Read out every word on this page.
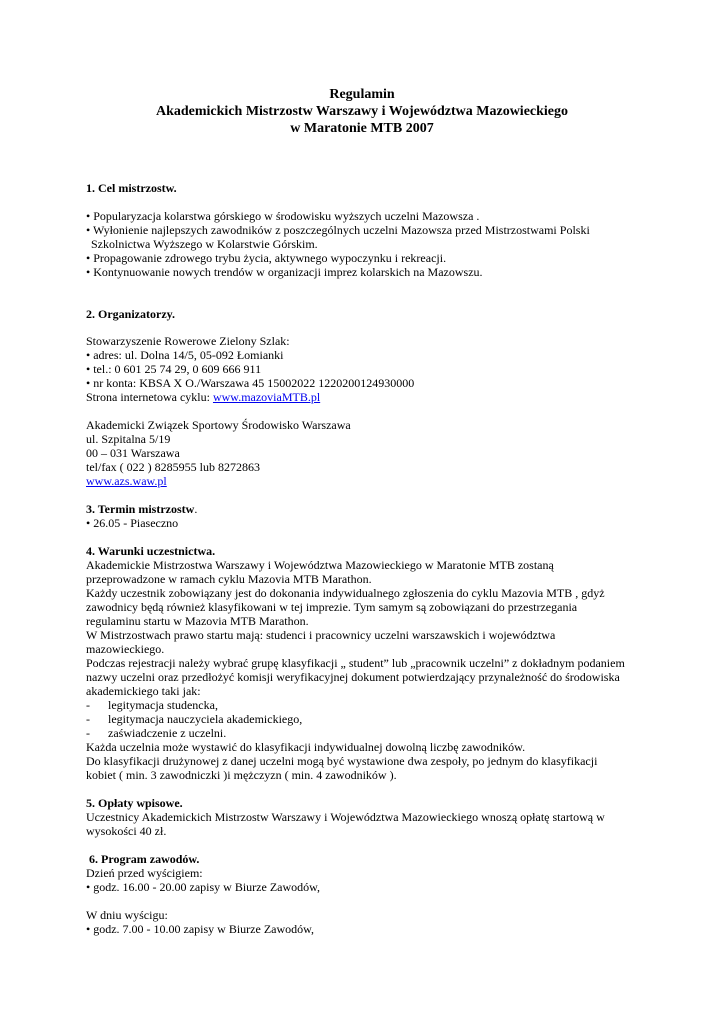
Regulamin
Akademickich Mistrzostw Warszawy i Województwa Mazowieckiego
w Maratonie MTB 2007
1. Cel mistrzostw.
• Popularyzacja kolarstwa górskiego w środowisku wyższych uczelni Mazowsza .
• Wyłonienie najlepszych zawodników z poszczególnych uczelni Mazowsza przed Mistrzostwami Polski
Szkolnictwa Wyższego w Kolarstwie Górskim.
• Propagowanie zdrowego trybu życia, aktywnego wypoczynku i rekreacji.
• Kontynuowanie nowych trendów w organizacji imprez kolarskich na Mazowszu.
2. Organizatorzy.
Stowarzyszenie Rowerowe Zielony Szlak:
• adres: ul. Dolna 14/5, 05-092 Łomianki
• tel.: 0 601 25 74 29, 0 609 666 911
• nr konta: KBSA X O./Warszawa 45 15002022 1220200124930000
Strona internetowa cyklu: www.mazoviaMTB.pl
Akademicki Związek Sportowy Środowisko Warszawa
ul. Szpitalna 5/19
00 – 031 Warszawa
tel/fax ( 022 ) 8285955 lub 8272863
www.azs.waw.pl
3. Termin mistrzostw.
• 26.05 - Piaseczno
4. Warunki uczestnictwa.
Akademickie Mistrzostwa Warszawy i Województwa Mazowieckiego w Maratonie MTB zostaną
przeprowadzone w ramach cyklu Mazovia MTB Marathon.
Każdy uczestnik zobowiązany jest do dokonania indywidualnego zgłoszenia do cyklu Mazovia MTB , gdyż
zawodnicy będą również klasyfikowani w tej imprezie. Tym samym są zobowiązani do przestrzegania
regulaminu startu w Mazovia MTB Marathon.
W Mistrzostwach prawo startu mają: studenci i pracownicy uczelni warszawskich i województwa
mazowieckiego.
Podczas rejestracji należy wybrać grupę klasyfikacji „ student” lub „pracownik uczelni” z dokładnym podaniem
nazwy uczelni oraz przedłożyć komisji weryfikacyjnej dokument potwierdzający przynależność do środowiska
akademickiego taki jak:
- legitymacja studencka,
- legitymacja nauczyciela akademickiego,
- zaświadczenie z uczelni.
Każda uczelnia może wystawić do klasyfikacji indywidualnej dowolną liczbę zawodników.
Do klasyfikacji drużynowej z danej uczelni mogą być wystawione dwa zespoły, po jednym do klasyfikacji
kobiet ( min. 3 zawodniczki )i mężczyzn ( min. 4 zawodników ).
5. Opłaty wpisowe.
Uczestnicy Akademickich Mistrzostw Warszawy i Województwa Mazowieckiego wnoszą opłatę startową w
wysokości 40 zł.
6. Program zawodów.
Dzień przed wyścigiem:
• godz. 16.00 - 20.00 zapisy w Biurze Zawodów,
W dniu wyścigu:
• godz. 7.00 - 10.00 zapisy w Biurze Zawodów,
